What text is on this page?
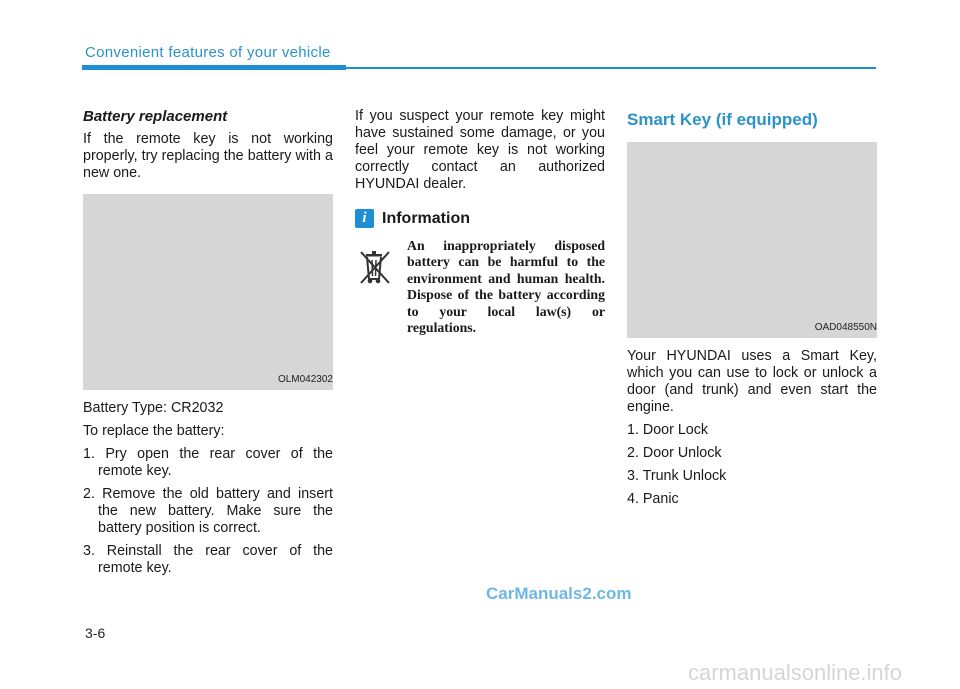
Convenient features of your vehicle
Battery replacement

If the remote key is not working properly, try replacing the battery with a new one.

OLM042302

Battery Type: CR2032

To replace the battery:

1. Pry open the rear cover of the remote key.
2. Remove the old battery and insert the new battery. Make sure the battery position is correct.
3. Reinstall the rear cover of the remote key.

If you suspect your remote key might have sustained some damage, or you feel your remote key is not working correctly contact an authorized HYUNDAI dealer.

i Information
An inappropriately disposed battery can be harmful to the environment and human health. Dispose of the battery according to your local law(s) or regulations.
Smart Key (if equipped)
OAD048550N

Your HYUNDAI uses a Smart Key, which you can use to lock or unlock a door (and trunk) and even start the engine.

1. Door Lock
2. Door Unlock
3. Trunk Unlock
4. Panic
CarManuals2.com
3-6
carmanualsonline.info
